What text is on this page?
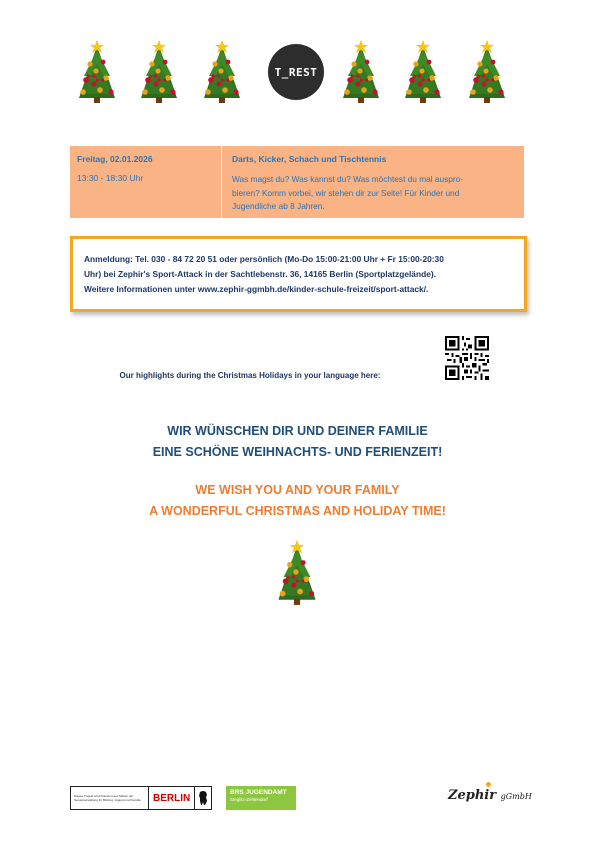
T_REST
Freitag, 02.01.2026
13:30 - 18:30 Uhr
Darts, Kicker, Schach und Tischtennis
Was magst du? Was kannst du? Was möchtest du mal auspro-
bieren? Komm vorbei, wir stehen dir zur Seite! Für Kinder und
Jugendliche ab 8 Jahren.
Anmeldung: Tel. 030 - 84 72 20 51 oder persönlich (Mo-Do 15:00-21:00 Uhr + Fr 15:00-20:30
Uhr) bei Zephir's Sport-Attack in der Sachtlebenstr. 36, 14165 Berlin (Sportplatzgelände).
Weitere Informationen unter www.zephir-ggmbh.de/kinder-schule-freizeit/sport-attack/.
Our highlights during the Christmas Holidays in your language here:
WIR WÜNSCHEN DIR UND DEINER FAMILIE
EINE SCHÖNE WEIHNACHTS- UND FERIENZEIT!
WE WISH YOU AND YOUR FAMILY
A WONDERFUL CHRISTMAS AND HOLIDAY TIME!
Dieses Projekt wird finanziert aus Mitteln der Senatsverwaltung für Bildung, Jugend und Familie	BERLIN	BRS JUGENDAMT
Steglitz-Zehlendorf	Zephir gGmbH
